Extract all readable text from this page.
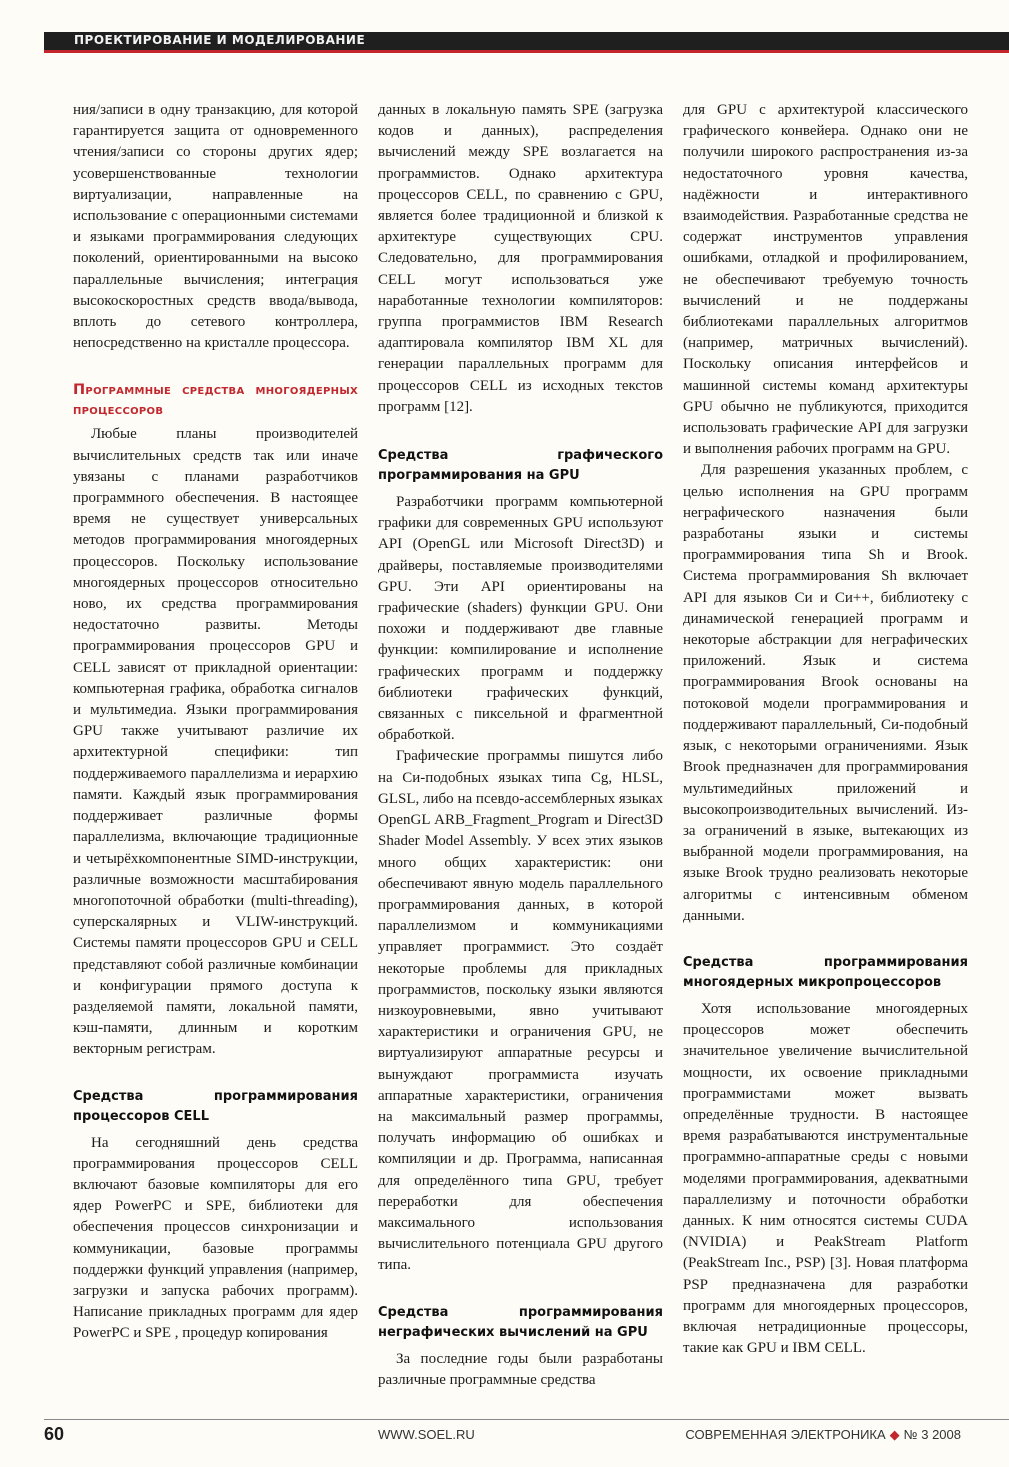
ПРОЕКТИРОВАНИЕ И МОДЕЛИРОВАНИЕ

ния/записи в одну транзакцию, для которой гарантируется защита от одновременного чтения/записи со стороны других ядер; усовершенствованные технологии виртуализации, направленные на использование с операционными системами и языками программирования следующих поколений, ориентированными на высоко параллельные вычисления; интеграция высокоскоростных средств ввода/вывода, вплоть до сетевого контроллера, непосредственно на кристалле процессора.

Программные средства многоядерных процессоров

Любые планы производителей вычислительных средств так или иначе увязаны с планами разработчиков программного обеспечения. В настоящее время не существует универсальных методов программирования многоядерных процессоров. Поскольку использование многоядерных процессоров относительно ново, их средства программирования недостаточно развиты. Методы программирования процессоров GPU и CELL зависят от прикладной ориентации: компьютерная графика, обработка сигналов и мультимедиа. Языки программирования GPU также учитывают различие их архитектурной специфики: тип поддерживаемого параллелизма и иерархию памяти. Каждый язык программирования поддерживает различные формы параллелизма, включающие традиционные и четырёхкомпонентные SIMD-инструкции, различные возможности масштабирования многопоточной обработки (multi-threading), суперскалярных и VLIW-инструкций. Системы памяти процессоров GPU и CELL представляют собой различные комбинации и конфигурации прямого доступа к разделяемой памяти, локальной памяти, кэш-памяти, длинным и коротким векторным регистрам.

Средства программирования процессоров CELL

На сегодняшний день средства программирования процессоров CELL включают базовые компиляторы для его ядер PowerPC и SPE, библиотеки для обеспечения процессов синхронизации и коммуникации, базовые программы поддержки функций управления (например, загрузки и запуска рабочих программ). Написание прикладных программ для ядер PowerPC и SPE , процедур копирования

данных в локальную память SPE (загрузка кодов и данных), распределения вычислений между SPE возлагается на программистов. Однако архитектура процессоров CELL, по сравнению с GPU, является более традиционной и близкой к архитектуре существующих CPU. Следовательно, для программирования CELL могут использоваться уже наработанные технологии компиляторов: группа программистов IBM Research адаптировала компилятор IBM XL для генерации параллельных программ для процессоров CELL из исходных текстов программ [12].

Средства графического программирования на GPU

Разработчики программ компьютерной графики для современных GPU используют API (OpenGL или Microsoft Direct3D) и драйверы, поставляемые производителями GPU. Эти API ориентированы на графические (shaders) функции GPU. Они похожи и поддерживают две главные функции: компилирование и исполнение графических программ и поддержку библиотеки графических функций, связанных с пиксельной и фрагментной обработкой.

Графические программы пишутся либо на Си-подобных языках типа Cg, HLSL, GLSL, либо на псевдо-ассемблерных языках OpenGL ARB_Fragment_Program и Direct3D Shader Model Assembly. У всех этих языков много общих характеристик: они обеспечивают явную модель параллельного программирования данных, в которой параллелизмом и коммуникациями управляет программист. Это создаёт некоторые проблемы для прикладных программистов, поскольку языки являются низкоуровневыми, явно учитывают характеристики и ограничения GPU, не виртуализируют аппаратные ресурсы и вынуждают программиста изучать аппаратные характеристики, ограничения на максимальный размер программы, получать информацию об ошибках и компиляции и др. Программа, написанная для определённого типа GPU, требует переработки для обеспечения максимального использования вычислительного потенциала GPU другого типа.

Средства программирования неграфических вычислений на GPU

За последние годы были разработаны различные программные средства

для GPU с архитектурой классического графического конвейера. Однако они не получили широкого распространения из-за недостаточного уровня качества, надёжности и интерактивного взаимодействия. Разработанные средства не содержат инструментов управления ошибками, отладкой и профилированием, не обеспечивают требуемую точность вычислений и не поддержаны библиотеками параллельных алгоритмов (например, матричных вычислений). Поскольку описания интерфейсов и машинной системы команд архитектуры GPU обычно не публикуются, приходится использовать графические API для загрузки и выполнения рабочих программ на GPU.

Для разрешения указанных проблем, с целью исполнения на GPU программ неграфического назначения были разработаны языки и системы программирования типа Sh и Brook. Система программирования Sh включает API для языков Си и Си++, библиотеку с динамической генерацией программ и некоторые абстракции для неграфических приложений. Язык и система программирования Brook основаны на потоковой модели программирования и поддерживают параллельный, Си-подобный язык, с некоторыми ограничениями. Язык Brook предназначен для программирования мультимедийных приложений и высокопроизводительных вычислений. Из-за ограничений в языке, вытекающих из выбранной модели программирования, на языке Brook трудно реализовать некоторые алгоритмы с интенсивным обменом данными.

Средства программирования многоядерных микропроцессоров

Хотя использование многоядерных процессоров может обеспечить значительное увеличение вычислительной мощности, их освоение прикладными программистами может вызвать определённые трудности. В настоящее время разрабатываются инструментальные программно-аппаратные среды с новыми моделями программирования, адекватными параллелизму и поточности обработки данных. К ним относятся системы CUDA (NVIDIA) и PeakStream Platform (PeakStream Inc., PSP) [3]. Новая платформа PSP предназначена для разработки программ для многоядерных процессоров, включая нетрадиционные процессоры, такие как GPU и IBM CELL.

60	WWW.SOEL.RU	СОВРЕМЕННАЯ ЭЛЕКТРОНИКА ◆ № 3 2008
